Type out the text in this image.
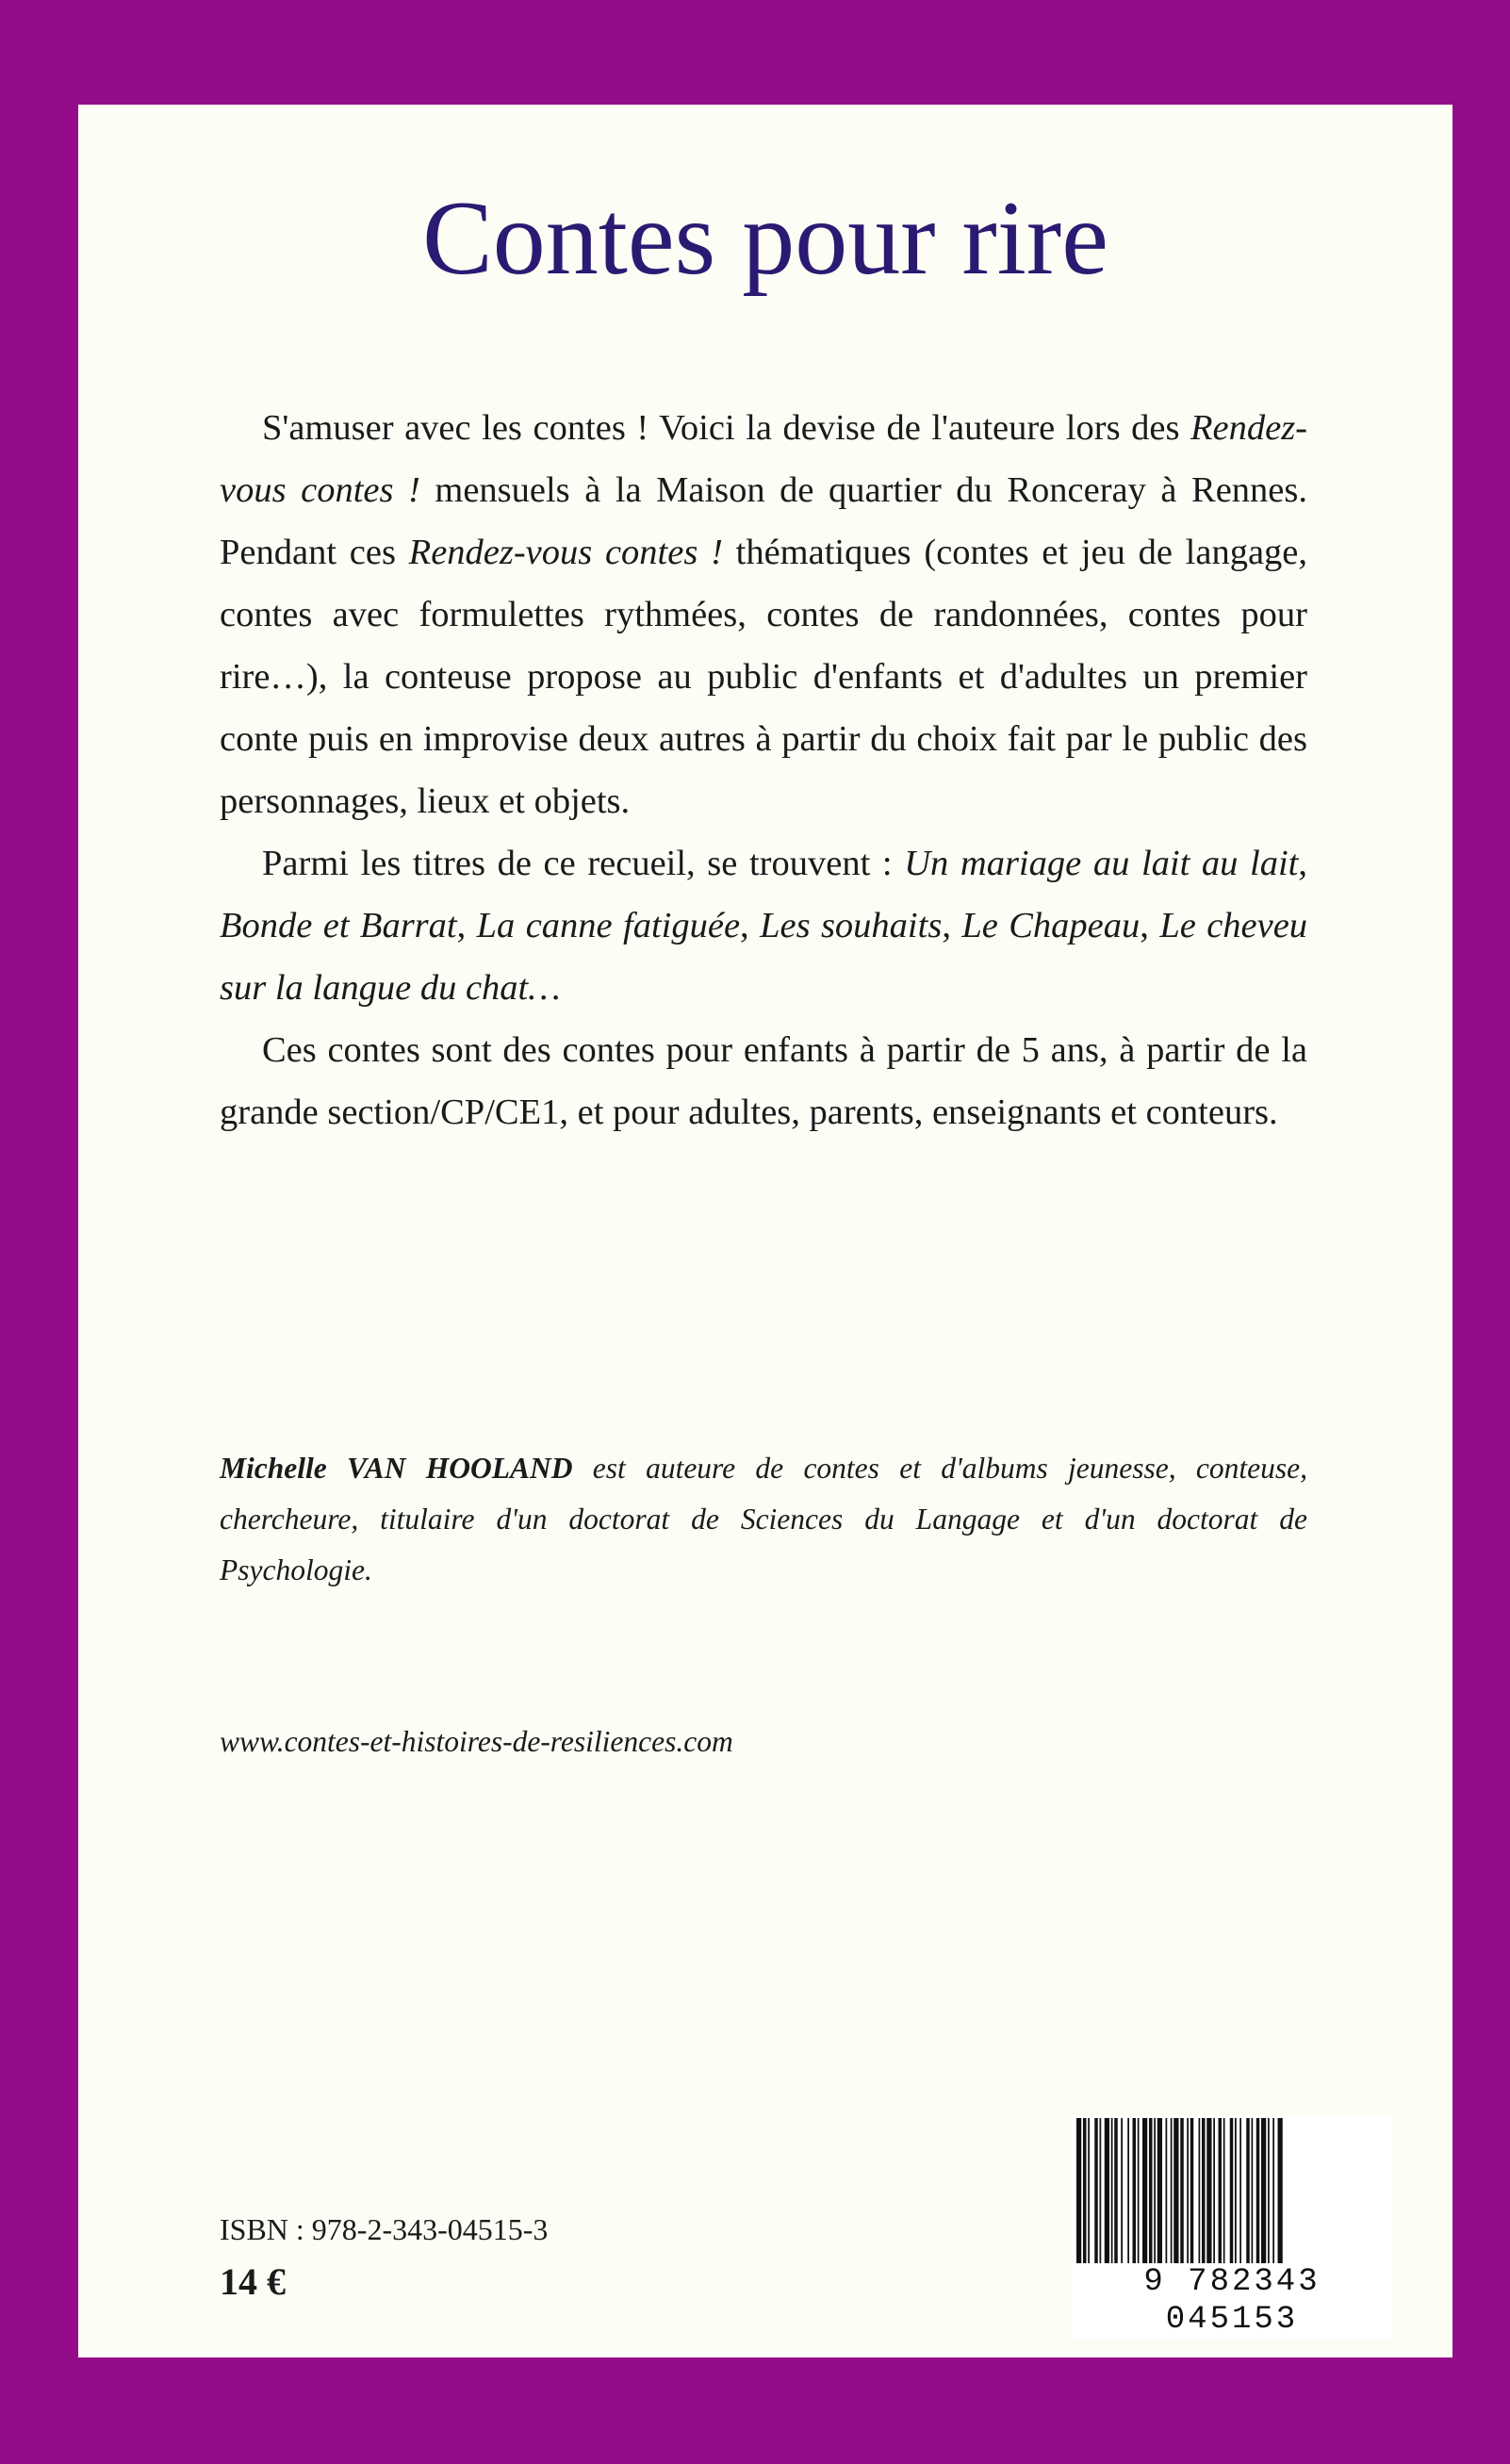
Contes pour rire

S'amuser avec les contes ! Voici la devise de l'auteure lors des Rendez-vous contes ! mensuels à la Maison de quartier du Ronceray à Rennes. Pendant ces Rendez-vous contes ! thématiques (contes et jeu de langage, contes avec formulettes rythmées, contes de randonnées, contes pour rire…), la conteuse propose au public d'enfants et d'adultes un premier conte puis en improvise deux autres à partir du choix fait par le public des personnages, lieux et objets.

Parmi les titres de ce recueil, se trouvent : Un mariage au lait au lait, Bonde et Barrat, La canne fatiguée, Les souhaits, Le Chapeau, Le cheveu sur la langue du chat…

Ces contes sont des contes pour enfants à partir de 5 ans, à partir de la grande section/CP/CE1, et pour adultes, parents, enseignants et conteurs.

Michelle VAN HOOLAND est auteure de contes et d'albums jeunesse, conteuse, chercheure, titulaire d'un doctorat de Sciences du Langage et d'un doctorat de Psychologie.

www.contes-et-histoires-de-resiliences.com
ISBN : 978-2-343-04515-3
14 €	9 782343 045153
